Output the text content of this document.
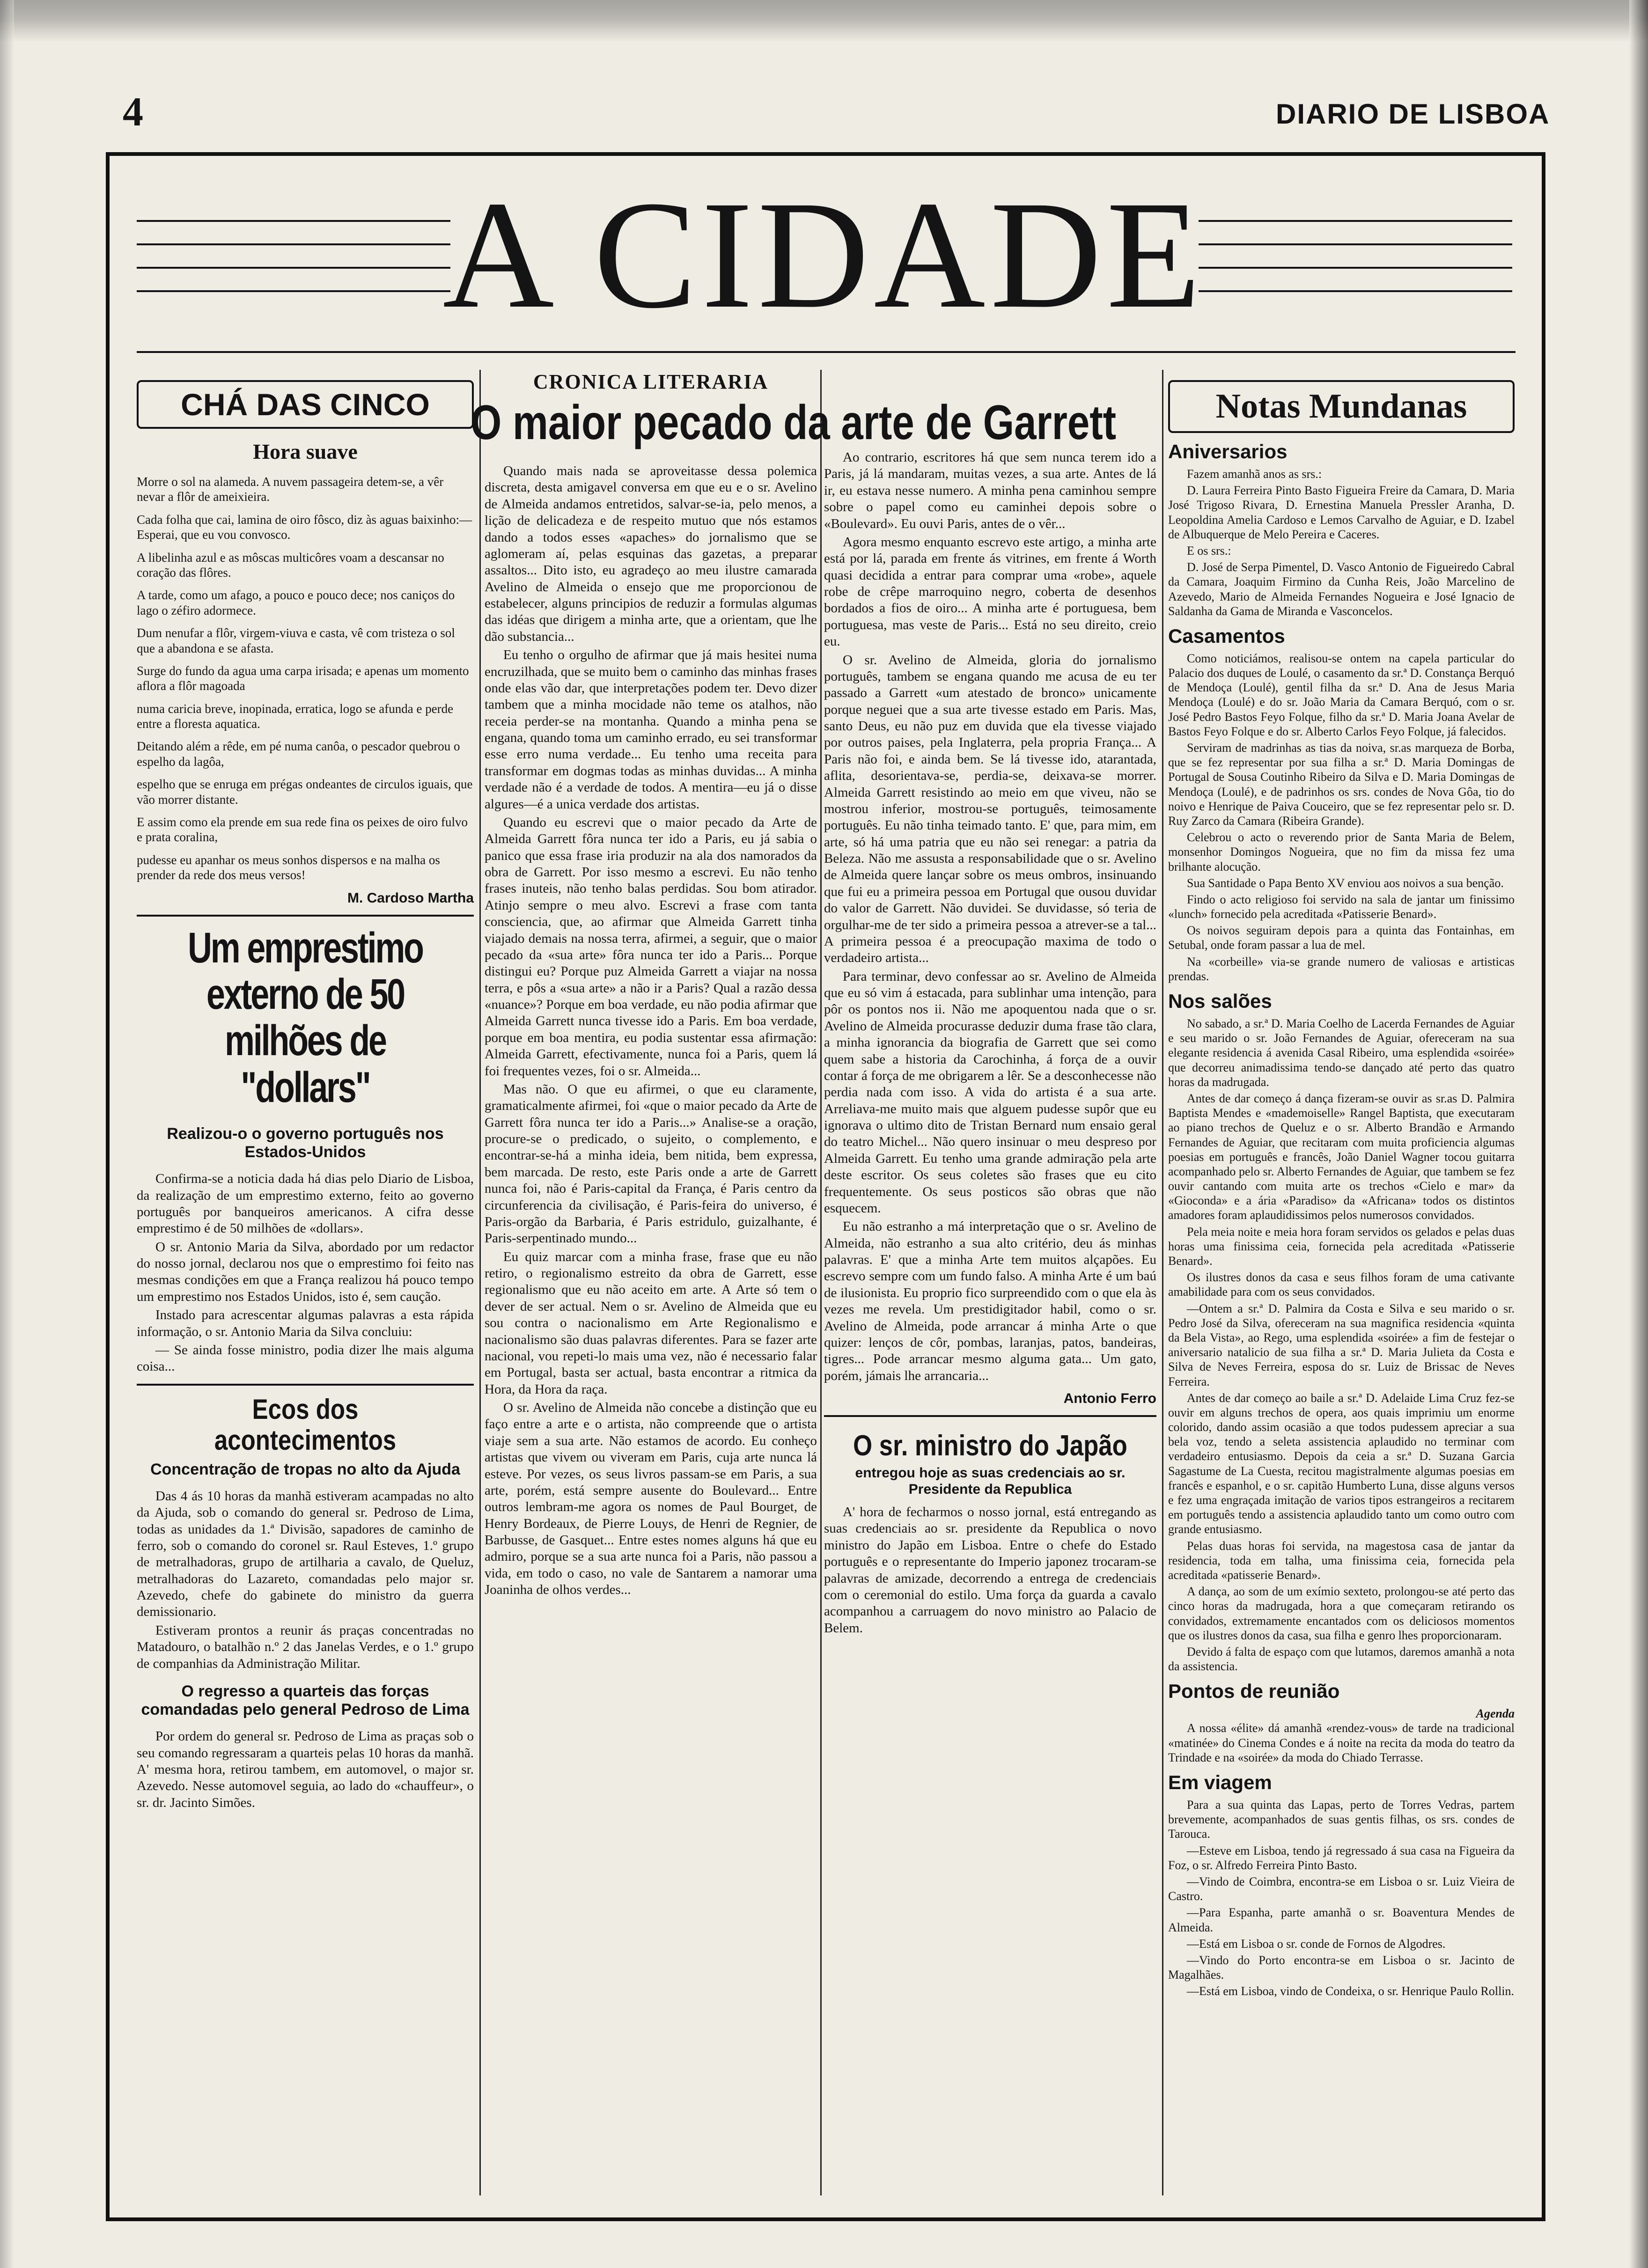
4	DIARIO DE LISBOA
A CIDADE
CHÁ DAS CINCO
Hora suave

Morre o sol na alameda. A nuvem passageira detem-se, a vêr nevar a flôr de ameixieira.

Cada folha que cai, lamina de oiro fôsco, diz às aguas baixinho:—Esperai, que eu vou convosco.

A libelinha azul e as môscas multicôres voam a descansar no coração das flôres.

A tarde, como um afago, a pouco e pouco dece; nos caniços do lago o zéfiro adormece.

Dum nenufar a flôr, virgem-viuva e casta, vê com tristeza o sol que a abandona e se afasta.

Surge do fundo da agua uma carpa irisada; e apenas um momento aflora a flôr magoada

numa caricia breve, inopinada, erratica, logo se afunda e perde entre a floresta aquatica.

Deitando além a rêde, em pé numa canôa, o pescador quebrou o espelho da lagôa,

espelho que se enruga em prégas ondeantes de circulos iguais, que vão morrer distante.

E assim como ela prende em sua rede fina os peixes de oiro fulvo e prata coralina,

pudesse eu apanhar os meus sonhos dispersos e na malha os prender da rede dos meus versos!

M. Cardoso Martha
Um emprestimo externo de 50 milhões de "dollars"
Realizou-o o governo português nos Estados-Unidos

Confirma-se a noticia dada há dias pelo Diario de Lisboa, da realização de um emprestimo externo, feito ao governo português por banqueiros americanos. A cifra desse emprestimo é de 50 milhões de «dollars».

O sr. Antonio Maria da Silva, abordado por um redactor do nosso jornal, declarou nos que o emprestimo foi feito nas mesmas condições em que a França realizou há pouco tempo um emprestimo nos Estados Unidos, isto é, sem caução.

Instado para acrescentar algumas palavras a esta rápida informação, o sr. Antonio Maria da Silva concluiu:

— Se ainda fosse ministro, podia dizer lhe mais alguma coisa...

Ecos dos acontecimentos
Concentração de tropas no alto da Ajuda

Das 4 ás 10 horas da manhã estiveram acampadas no alto da Ajuda, sob o comando do general sr. Pedroso de Lima, todas as unidades da 1.ª Divisão, sapadores de caminho de ferro, sob o comando do coronel sr. Raul Esteves, 1.º grupo de metralhadoras, grupo de artilharia a cavalo, de Queluz, metralhadoras do Lazareto, comandadas pelo major sr. Azevedo, chefe do gabinete do ministro da guerra demissionario.

Estiveram prontos a reunir ás praças concentradas no Matadouro, o batalhão n.º 2 das Janelas Verdes, e o 1.º grupo de companhias da Administração Militar.

O regresso a quarteis das forças comandadas pelo general Pedroso de Lima

Por ordem do general sr. Pedroso de Lima as praças sob o seu comando regressaram a quarteis pelas 10 horas da manhã. A' mesma hora, retirou tambem, em automovel, o major sr. Azevedo. Nesse automovel seguia, ao lado do «chauffeur», o sr. dr. Jacinto Simões.

CRONICA LITERARIA
O maior pecado da arte de Garrett

Quando mais nada se aproveitasse dessa polemica discreta, desta amigavel conversa em que eu e o sr. Avelino de Almeida andamos entretidos, salvar-se-ia, pelo menos, a lição de delicadeza e de respeito mutuo que nós estamos dando a todos esses «apaches» do jornalismo que se aglomeram aí, pelas esquinas das gazetas, a preparar assaltos... Dito isto, eu agradeço ao meu ilustre camarada Avelino de Almeida o ensejo que me proporcionou de estabelecer, alguns principios de reduzir a formulas algumas das idéas que dirigem a minha arte, que a orientam, que lhe dão substancia...

Eu tenho o orgulho de afirmar que já mais hesitei numa encruzilhada, que se muito bem o caminho das minhas frases onde elas vão dar, que interpretações podem ter. Devo dizer tambem que a minha mocidade não teme os atalhos, não receia perder-se na montanha. Quando a minha pena se engana, quando toma um caminho errado, eu sei transformar esse erro numa verdade... Eu tenho uma receita para transformar em dogmas todas as minhas duvidas... A minha verdade não é a verdade de todos. A mentira—eu já o disse algures—é a unica verdade dos artistas.

Quando eu escrevi que o maior pecado da Arte de Almeida Garrett fôra nunca ter ido a Paris, eu já sabia o panico que essa frase iria produzir na ala dos namorados da obra de Garrett. Por isso mesmo a escrevi. Eu não tenho frases inuteis, não tenho balas perdidas. Sou bom atirador. Atinjo sempre o meu alvo. Escrevi a frase com tanta consciencia, que, ao afirmar que Almeida Garrett tinha viajado demais na nossa terra, afirmei, a seguir, que o maior pecado da «sua arte» fôra nunca ter ido a Paris... Porque distingui eu? Porque puz Almeida Garrett a viajar na nossa terra, e pôs a «sua arte» a não ir a Paris? Qual a razão dessa «nuance»? Porque em boa verdade, eu não podia afirmar que Almeida Garrett nunca tivesse ido a Paris. Em boa verdade, porque em boa mentira, eu podia sustentar essa afirmação: Almeida Garrett, efectivamente, nunca foi a Paris, quem lá foi frequentes vezes, foi o sr. Almeida...

Mas não. O que eu afirmei, o que eu claramente, gramaticalmente afirmei, foi «que o maior pecado da Arte de Garrett fôra nunca ter ido a Paris...» Analise-se a oração, procure-se o predicado, o sujeito, o complemento, e encontrar-se-há a minha ideia, bem nitida, bem expressa, bem marcada. De resto, este Paris onde a arte de Garrett nunca foi, não é Paris-capital da França, é Paris centro da circunferencia da civilisação, é Paris-feira do universo, é Paris-orgão da Barbaria, é Paris estridulo, guizalhante, é Paris-serpentinado mundo...

Eu quiz marcar com a minha frase, frase que eu não retiro, o regionalismo estreito da obra de Garrett, esse regionalismo que eu não aceito em arte. A Arte só tem o dever de ser actual. Nem o sr. Avelino de Almeida que eu sou contra o nacionalismo em Arte Regionalismo e nacionalismo são duas palavras diferentes. Para se fazer arte nacional, vou repeti-lo mais uma vez, não é necessario falar em Portugal, basta ser actual, basta encontrar a ritmica da Hora, da Hora da raça.

O sr. Avelino de Almeida não concebe a distinção que eu faço entre a arte e o artista, não compreende que o artista viaje sem a sua arte. Não estamos de acordo. Eu conheço artistas que vivem ou viveram em Paris, cuja arte nunca lá esteve. Por vezes, os seus livros passam-se em Paris, a sua arte, porém, está sempre ausente do Boulevard... Entre outros lembram-me agora os nomes de Paul Bourget, de Henry Bordeaux, de Pierre Louys, de Henri de Regnier, de Barbusse, de Gasquet... Entre estes nomes alguns há que eu admiro, porque se a sua arte nunca foi a Paris, não passou a vida, em todo o caso, no vale de Santarem a namorar uma Joaninha de olhos verdes...

Ao contrario, escritores há que sem nunca terem ido a Paris, já lá mandaram, muitas vezes, a sua arte. Antes de lá ir, eu estava nesse numero. A minha pena caminhou sempre sobre o papel como eu caminhei depois sobre o «Boulevard». Eu ouvi Paris, antes de o vêr...

Agora mesmo enquanto escrevo este artigo, a minha arte está por lá, parada em frente ás vitrines, em frente á Worth quasi decidida a entrar para comprar uma «robe», aquele robe de crêpe marroquino negro, coberta de desenhos bordados a fios de oiro... A minha arte é portuguesa, bem portuguesa, mas veste de Paris... Está no seu direito, creio eu.

O sr. Avelino de Almeida, gloria do jornalismo português, tambem se engana quando me acusa de eu ter passado a Garrett «um atestado de bronco» unicamente porque neguei que a sua arte tivesse estado em Paris. Mas, santo Deus, eu não puz em duvida que ela tivesse viajado por outros paises, pela Inglaterra, pela propria França... A Paris não foi, e ainda bem. Se lá tivesse ido, atarantada, aflita, desorientava-se, perdia-se, deixava-se morrer. Almeida Garrett resistindo ao meio em que viveu, não se mostrou inferior, mostrou-se português, teimosamente português. Eu não tinha teimado tanto. E' que, para mim, em arte, só há uma patria que eu não sei renegar: a patria da Beleza. Não me assusta a responsabilidade que o sr. Avelino de Almeida quere lançar sobre os meus ombros, insinuando que fui eu a primeira pessoa em Portugal que ousou duvidar do valor de Garrett. Não duvidei. Se duvidasse, só teria de orgulhar-me de ter sido a primeira pessoa a atrever-se a tal... A primeira pessoa é a preocupação maxima de todo o verdadeiro artista...

Para terminar, devo confessar ao sr. Avelino de Almeida que eu só vim á estacada, para sublinhar uma intenção, para pôr os pontos nos ii. Não me apoquentou nada que o sr. Avelino de Almeida procurasse deduzir duma frase tão clara, a minha ignorancia da biografia de Garrett que sei como quem sabe a historia da Carochinha, á força de a ouvir contar á força de me obrigarem a lêr. Se a desconhecesse não perdia nada com isso. A vida do artista é a sua arte. Arreliava-me muito mais que alguem pudesse supôr que eu ignorava o ultimo dito de Tristan Bernard num ensaio geral do teatro Michel... Não quero insinuar o meu despreso por Almeida Garrett. Eu tenho uma grande admiração pela arte deste escritor. Os seus coletes são frases que eu cito frequentemente. Os seus posticos são obras que não esquecem.

Eu não estranho a má interpretação que o sr. Avelino de Almeida, não estranho a sua alto critério, deu ás minhas palavras. E' que a minha Arte tem muitos alçapões. Eu escrevo sempre com um fundo falso. A minha Arte é um baú de ilusionista. Eu proprio fico surpreendido com o que ela às vezes me revela. Um prestidigitador habil, como o sr. Avelino de Almeida, pode arrancar á minha Arte o que quizer: lenços de côr, pombas, laranjas, patos, bandeiras, tigres... Pode arrancar mesmo alguma gata... Um gato, porém, jámais lhe arrancaria...

Antonio Ferro
O sr. ministro do Japão
entregou hoje as suas credenciais ao sr. Presidente da Republica

A' hora de fecharmos o nosso jornal, está entregando as suas credenciais ao sr. presidente da Republica o novo ministro do Japão em Lisboa. Entre o chefe do Estado português e o representante do Imperio japonez trocaram-se palavras de amizade, decorrendo a entrega de credenciais com o ceremonial do estilo. Uma força da guarda a cavalo acompanhou a carruagem do novo ministro ao Palacio de Belem.

Notas Mundanas
Aniversarios

Fazem amanhã anos as srs.:

D. Laura Ferreira Pinto Basto Figueira Freire da Camara, D. Maria José Trigoso Rivara, D. Ernestina Manuela Pressler Aranha, D. Leopoldina Amelia Cardoso e Lemos Carvalho de Aguiar, e D. Izabel de Albuquerque de Melo Pereira e Caceres.

E os srs.:

D. José de Serpa Pimentel, D. Vasco Antonio de Figueiredo Cabral da Camara, Joaquim Firmino da Cunha Reis, João Marcelino de Azevedo, Mario de Almeida Fernandes Nogueira e José Ignacio de Saldanha da Gama de Miranda e Vasconcelos.

Casamentos

Como noticiámos, realisou-se ontem na capela particular do Palacio dos duques de Loulé, o casamento da sr.ª D. Constança Berquó de Mendoça (Loulé), gentil filha da sr.ª D. Ana de Jesus Maria Mendoça (Loulé) e do sr. João Maria da Camara Berquó, com o sr. José Pedro Bastos Feyo Folque, filho da sr.ª D. Maria Joana Avelar de Bastos Feyo Folque e do sr. Alberto Carlos Feyo Folque, já falecidos.

Serviram de madrinhas as tias da noiva, sr.as marqueza de Borba, que se fez representar por sua filha a sr.ª D. Maria Domingas de Portugal de Sousa Coutinho Ribeiro da Silva e D. Maria Domingas de Mendoça (Loulé), e de padrinhos os srs. condes de Nova Gôa, tio do noivo e Henrique de Paiva Couceiro, que se fez representar pelo sr. D. Ruy Zarco da Camara (Ribeira Grande).

Celebrou o acto o reverendo prior de Santa Maria de Belem, monsenhor Domingos Nogueira, que no fim da missa fez uma brilhante alocução.

Sua Santidade o Papa Bento XV enviou aos noivos a sua benção.

Findo o acto religioso foi servido na sala de jantar um finissimo «lunch» fornecido pela acreditada «Patisserie Benard».

Os noivos seguiram depois para a quinta das Fontainhas, em Setubal, onde foram passar a lua de mel.

Na «corbeille» via-se grande numero de valiosas e artisticas prendas.

Nos salões

No sabado, a sr.ª D. Maria Coelho de Lacerda Fernandes de Aguiar e seu marido o sr. João Fernandes de Aguiar, ofereceram na sua elegante residencia á avenida Casal Ribeiro, uma esplendida «soirée» que decorreu animadissima tendo-se dançado até perto das quatro horas da madrugada.

Antes de dar começo á dança fizeram-se ouvir as sr.as D. Palmira Baptista Mendes e «mademoiselle» Rangel Baptista, que executaram ao piano trechos de Queluz e o sr. Alberto Brandão e Armando Fernandes de Aguiar, que recitaram com muita proficiencia algumas poesias em português e francês, João Daniel Wagner tocou guitarra acompanhado pelo sr. Alberto Fernandes de Aguiar, que tambem se fez ouvir cantando com muita arte os trechos «Cielo e mar» da «Gioconda» e a ária «Paradiso» da «Africana» todos os distintos amadores foram aplaudidissimos pelos numerosos convidados.

Pela meia noite e meia hora foram servidos os gelados e pelas duas horas uma finissima ceia, fornecida pela acreditada «Patisserie Benard».

Os ilustres donos da casa e seus filhos foram de uma cativante amabilidade para com os seus convidados.

—Ontem a sr.ª D. Palmira da Costa e Silva e seu marido o sr. Pedro José da Silva, ofereceram na sua magnifica residencia «quinta da Bela Vista», ao Rego, uma esplendida «soirée» a fim de festejar o aniversario natalicio de sua filha a sr.ª D. Maria Julieta da Costa e Silva de Neves Ferreira, esposa do sr. Luiz de Brissac de Neves Ferreira.

Antes de dar começo ao baile a sr.ª D. Adelaide Lima Cruz fez-se ouvir em alguns trechos de opera, aos quais imprimiu um enorme colorido, dando assim ocasião a que todos pudessem apreciar a sua bela voz, tendo a seleta assistencia aplaudido no terminar com verdadeiro entusiasmo. Depois da ceia a sr.ª D. Suzana Garcia Sagastume de La Cuesta, recitou magistralmente algumas poesias em francês e espanhol, e o sr. capitão Humberto Luna, disse alguns versos e fez uma engraçada imitação de varios tipos estrangeiros a recitarem em português tendo a assistencia aplaudido tanto um como outro com grande entusiasmo.

Pelas duas horas foi servida, na magestosa casa de jantar da residencia, toda em talha, uma finissima ceia, fornecida pela acreditada «patisserie Benard».

A dança, ao som de um exímio sexteto, prolongou-se até perto das cinco horas da madrugada, hora a que começaram retirando os convidados, extremamente encantados com os deliciosos momentos que os ilustres donos da casa, sua filha e genro lhes proporcionaram.

Devido á falta de espaço com que lutamos, daremos amanhã a nota da assistencia.

Pontos de reunião

Agenda

A nossa «élite» dá amanhã «rendez-vous» de tarde na tradicional «matinée» do Cinema Condes e á noite na recita da moda do teatro da Trindade e na «soirée» da moda do Chiado Terrasse.

Em viagem

Para a sua quinta das Lapas, perto de Torres Vedras, partem brevemente, acompanhados de suas gentis filhas, os srs. condes de Tarouca.

—Esteve em Lisboa, tendo já regressado á sua casa na Figueira da Foz, o sr. Alfredo Ferreira Pinto Basto.

—Vindo de Coimbra, encontra-se em Lisboa o sr. Luiz Vieira de Castro.

—Para Espanha, parte amanhã o sr. Boaventura Mendes de Almeida.

—Está em Lisboa o sr. conde de Fornos de Algodres.

—Vindo do Porto encontra-se em Lisboa o sr. Jacinto de Magalhães.

—Está em Lisboa, vindo de Condeixa, o sr. Henrique Paulo Rollin.
